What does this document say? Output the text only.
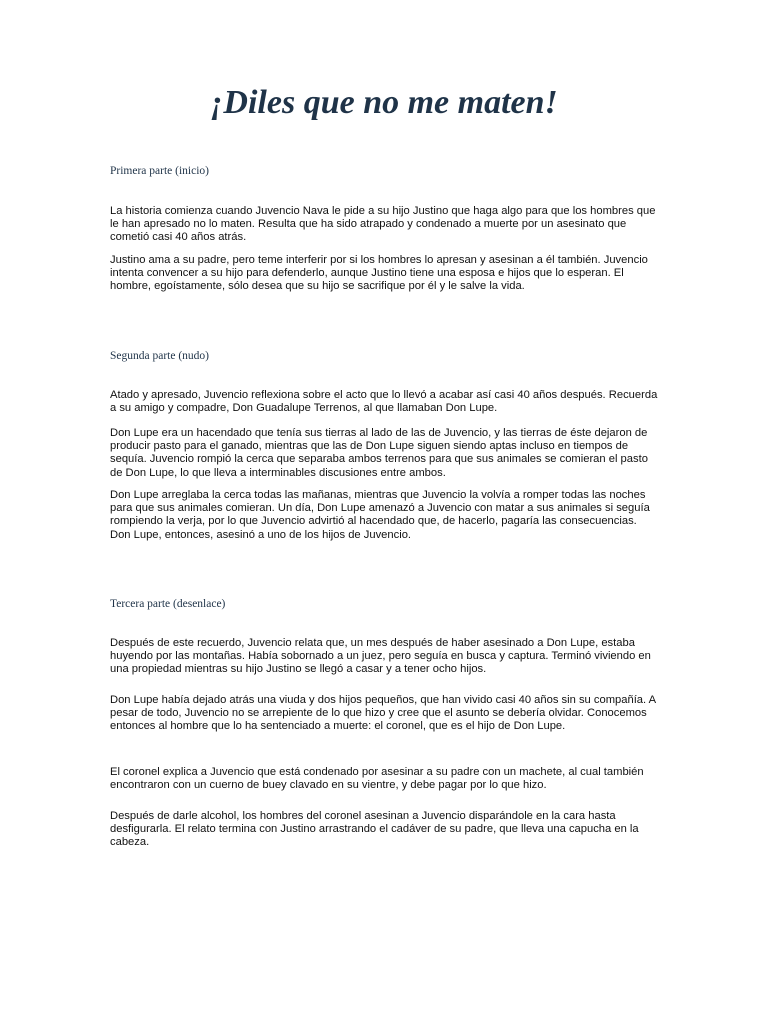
¡Diles que no me maten!

Primera parte (inicio)

La historia comienza cuando Juvencio Nava le pide a su hijo Justino que haga algo para que los hombres que le han apresado no lo maten. Resulta que ha sido atrapado y condenado a muerte por un asesinato que cometió casi 40 años atrás.

Justino ama a su padre, pero teme interferir por si los hombres lo apresan y asesinan a él también. Juvencio intenta convencer a su hijo para defenderlo, aunque Justino tiene una esposa e hijos que lo esperan. El hombre, egoístamente, sólo desea que su hijo se sacrifique por él y le salve la vida.

Segunda parte (nudo)

Atado y apresado, Juvencio reflexiona sobre el acto que lo llevó a acabar así casi 40 años después. Recuerda a su amigo y compadre, Don Guadalupe Terrenos, al que llamaban Don Lupe.

Don Lupe era un hacendado que tenía sus tierras al lado de las de Juvencio, y las tierras de éste dejaron de producir pasto para el ganado, mientras que las de Don Lupe siguen siendo aptas incluso en tiempos de sequía. Juvencio rompió la cerca que separaba ambos terrenos para que sus animales se comieran el pasto de Don Lupe, lo que lleva a interminables discusiones entre ambos.

Don Lupe arreglaba la cerca todas las mañanas, mientras que Juvencio la volvía a romper todas las noches para que sus animales comieran. Un día, Don Lupe amenazó a Juvencio con matar a sus animales si seguía rompiendo la verja, por lo que Juvencio advirtió al hacendado que, de hacerlo, pagaría las consecuencias. Don Lupe, entonces, asesinó a uno de los hijos de Juvencio.

Tercera parte (desenlace)

Después de este recuerdo, Juvencio relata que, un mes después de haber asesinado a Don Lupe, estaba huyendo por las montañas. Había sobornado a un juez, pero seguía en busca y captura. Terminó viviendo en una propiedad mientras su hijo Justino se llegó a casar y a tener ocho hijos.

Don Lupe había dejado atrás una viuda y dos hijos pequeños, que han vivido casi 40 años sin su compañía. A pesar de todo, Juvencio no se arrepiente de lo que hizo y cree que el asunto se debería olvidar. Conocemos entonces al hombre que lo ha sentenciado a muerte: el coronel, que es el hijo de Don Lupe.

El coronel explica a Juvencio que está condenado por asesinar a su padre con un machete, al cual también encontraron con un cuerno de buey clavado en su vientre, y debe pagar por lo que hizo.

Después de darle alcohol, los hombres del coronel asesinan a Juvencio disparándole en la cara hasta desfigurarla. El relato termina con Justino arrastrando el cadáver de su padre, que lleva una capucha en la cabeza.
